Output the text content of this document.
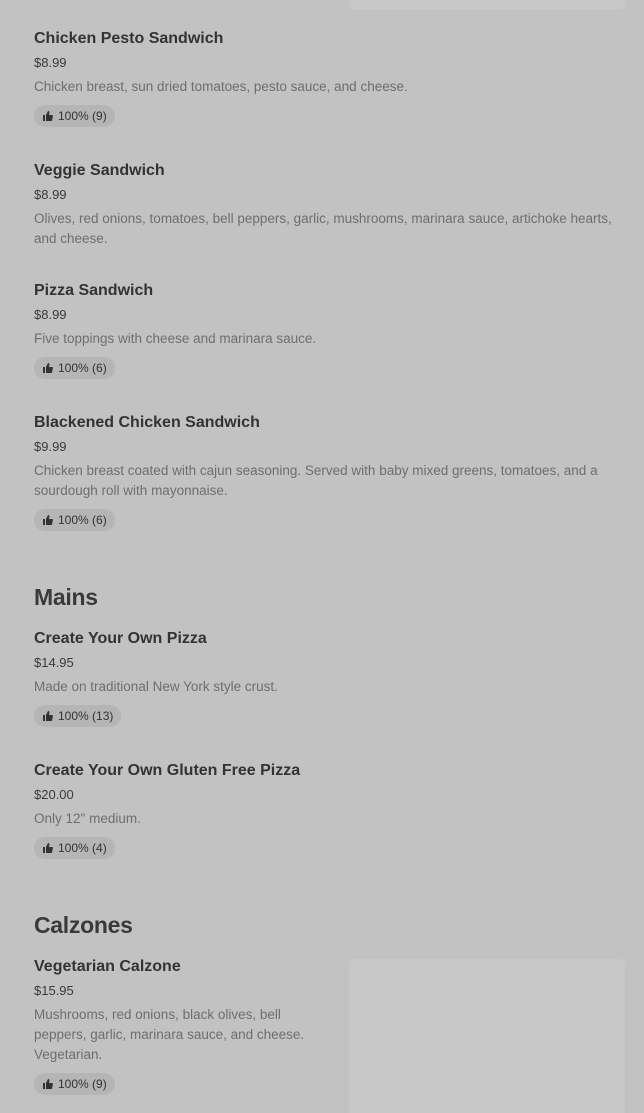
Chicken Pesto Sandwich
$8.99
Chicken breast, sun dried tomatoes, pesto sauce, and cheese.
100% (9)
Veggie Sandwich
$8.99
Olives, red onions, tomatoes, bell peppers, garlic, mushrooms, marinara sauce, artichoke hearts, and cheese.
Pizza Sandwich
$8.99
Five toppings with cheese and marinara sauce.
100% (6)
Blackened Chicken Sandwich
$9.99
Chicken breast coated with cajun seasoning. Served with baby mixed greens, tomatoes, and a sourdough roll with mayonnaise.
100% (6)
Mains
Create Your Own Pizza
$14.95
Made on traditional New York style crust.
100% (13)
Create Your Own Gluten Free Pizza
$20.00
Only 12" medium.
100% (4)
Calzones
Vegetarian Calzone
$15.95
Mushrooms, red onions, black olives, bell peppers, garlic, marinara sauce, and cheese. Vegetarian.
100% (9)
